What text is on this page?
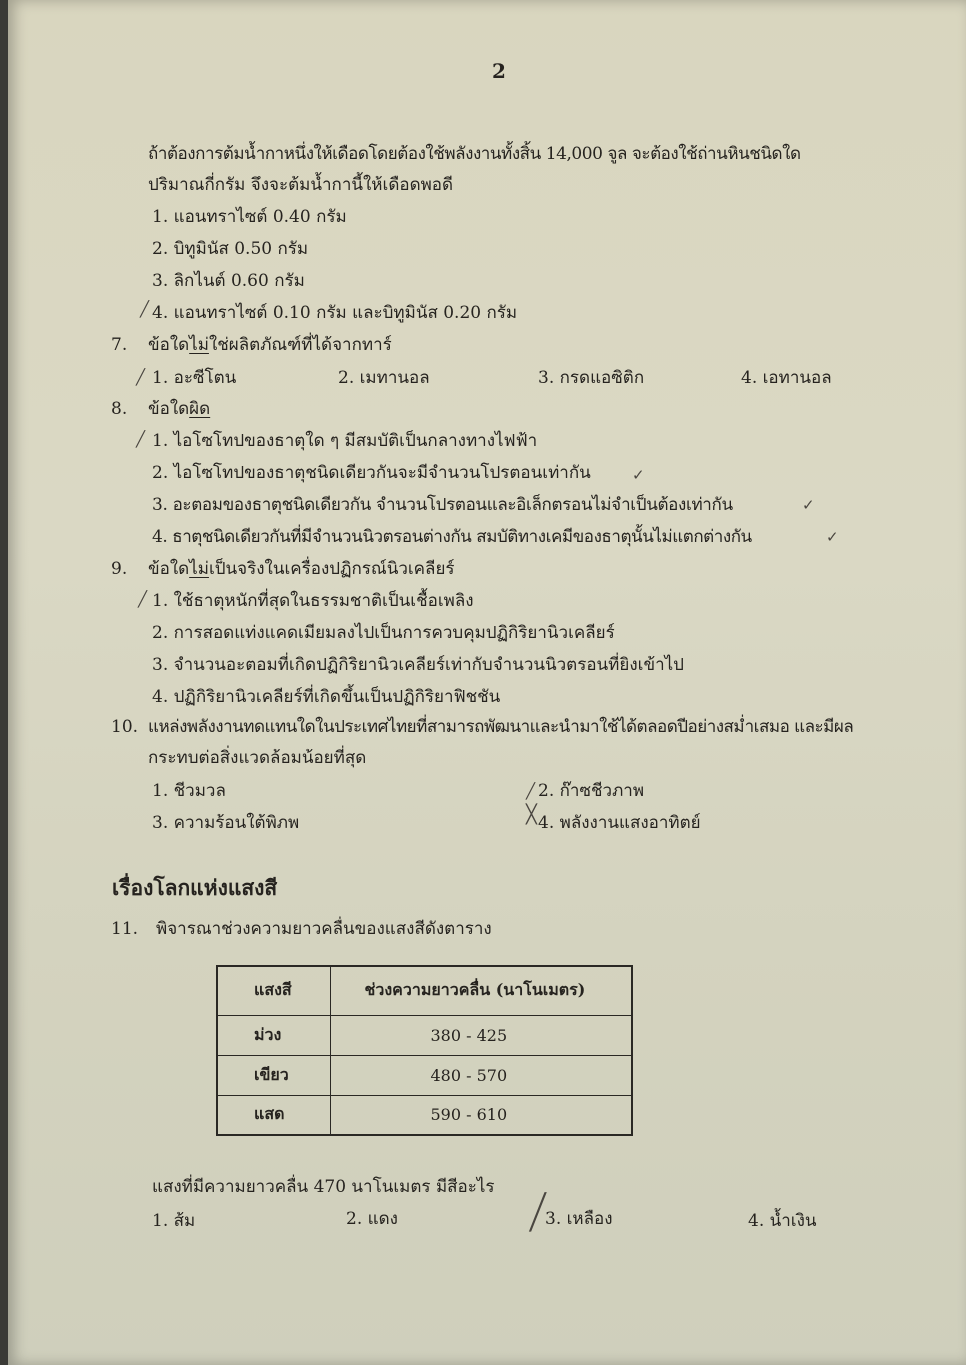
2
ถ้าต้องการต้มน้ำกาหนึ่งให้เดือดโดยต้องใช้พลังงานทั้งสิ้น 14,000 จูล จะต้องใช้ถ่านหินชนิดใด
ปริมาณกี่กรัม จึงจะต้มน้ำกานี้ให้เดือดพอดี
1. แอนทราไซต์ 0.40 กรัม
2. บิทูมินัส 0.50 กรัม
3. ลิกไนต์ 0.60 กรัม
4. แอนทราไซต์ 0.10 กรัม และบิทูมินัส 0.20 กรัม
╱
7. ข้อใดไม่ใช่ผลิตภัณฑ์ที่ได้จากทาร์
1. อะซีโตน	2. เมทานอล	3. กรดแอซิติก	4. เอทานอล
╱
8. ข้อใดผิด
1. ไอโซโทปของธาตุใด ๆ มีสมบัติเป็นกลางทางไฟฟ้า
2. ไอโซโทปของธาตุชนิดเดียวกันจะมีจำนวนโปรตอนเท่ากัน
3. อะตอมของธาตุชนิดเดียวกัน จำนวนโปรตอนและอิเล็กตรอนไม่จำเป็นต้องเท่ากัน
4. ธาตุชนิดเดียวกันที่มีจำนวนนิวตรอนต่างกัน สมบัติทางเคมีของธาตุนั้นไม่แตกต่างกัน
╱
✓
✓
✓
9. ข้อใดไม่เป็นจริงในเครื่องปฏิกรณ์นิวเคลียร์
1. ใช้ธาตุหนักที่สุดในธรรมชาติเป็นเชื้อเพลิง
2. การสอดแท่งแคดเมียมลงไปเป็นการควบคุมปฏิกิริยานิวเคลียร์
3. จำนวนอะตอมที่เกิดปฏิกิริยานิวเคลียร์เท่ากับจำนวนนิวตรอนที่ยิงเข้าไป
4. ปฏิกิริยานิวเคลียร์ที่เกิดขึ้นเป็นปฏิกิริยาฟิชชัน
╱
10. แหล่งพลังงานทดแทนใดในประเทศไทยที่สามารถพัฒนาและนำมาใช้ได้ตลอดปีอย่างสม่ำเสมอ และมีผล
กระทบต่อสิ่งแวดล้อมน้อยที่สุด
1. ชีวมวล	2. ก๊าซชีวภาพ
3. ความร้อนใต้พิภพ	4. พลังงานแสงอาทิตย์
╱
╳
เรื่องโลกแห่งแสงสี
11. พิจารณาช่วงความยาวคลื่นของแสงสีดังตาราง
แสงสี	ช่วงความยาวคลื่น (นาโนเมตร)
ม่วง	380 - 425
เขียว	480 - 570
แสด	590 - 610
แสงที่มีความยาวคลื่น 470 นาโนเมตร มีสีอะไร
1. ส้ม	2. แดง	3. เหลือง	4. น้ำเงิน
╱
